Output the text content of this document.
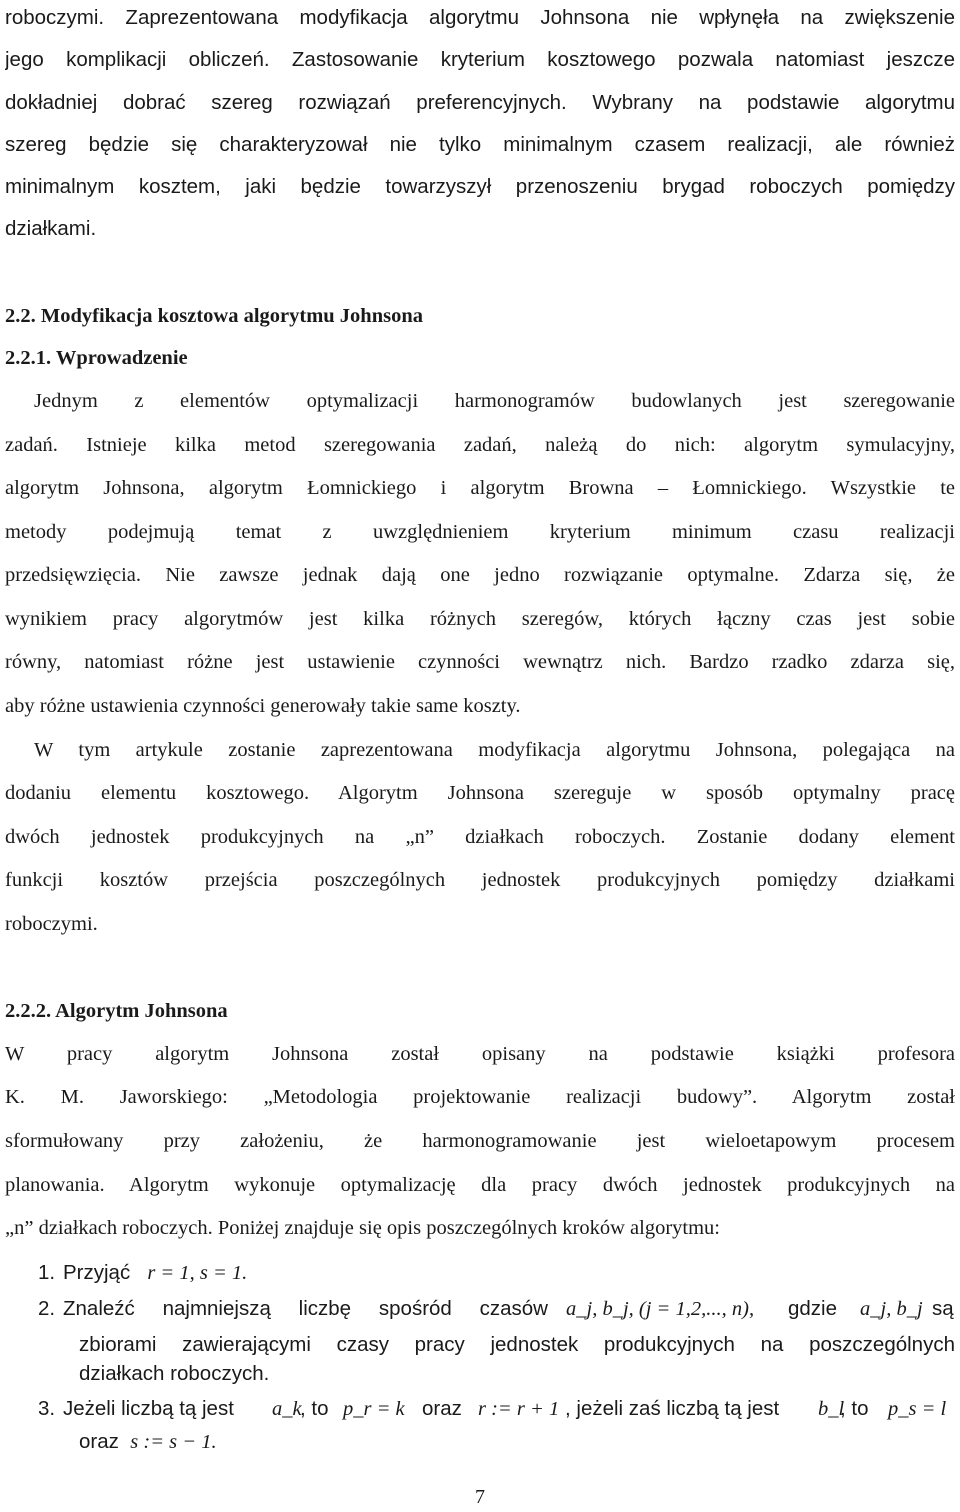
roboczymi. Zaprezentowana modyfikacja algorytmu Johnsona nie wpłynęła na zwiększenie
jego komplikacji obliczeń. Zastosowanie kryterium kosztowego pozwala natomiast jeszcze
dokładniej dobrać szereg rozwiązań preferencyjnych. Wybrany na podstawie algorytmu
szereg będzie się charakteryzował nie tylko minimalnym czasem realizacji, ale również
minimalnym kosztem, jaki będzie towarzyszył przenoszeniu brygad roboczych pomiędzy
działkami.
2.2. Modyfikacja kosztowa algorytmu Johnsona
2.2.1. Wprowadzenie
Jednym z elementów optymalizacji harmonogramów budowlanych jest szeregowanie
zadań. Istnieje kilka metod szeregowania zadań, należą do nich: algorytm symulacyjny,
algorytm Johnsona, algorytm Łomnickiego i algorytm Browna – Łomnickiego. Wszystkie te
metody podejmują temat z uwzględnieniem kryterium minimum czasu realizacji
przedsięwzięcia. Nie zawsze jednak dają one jedno rozwiązanie optymalne. Zdarza się, że
wynikiem pracy algorytmów jest kilka różnych szeregów, których łączny czas jest sobie
równy, natomiast różne jest ustawienie czynności wewnątrz nich. Bardzo rzadko zdarza się,
aby różne ustawienia czynności generowały takie same koszty.
W tym artykule zostanie zaprezentowana modyfikacja algorytmu Johnsona, polegająca na
dodaniu elementu kosztowego. Algorytm Johnsona szereguje w sposób optymalny pracę
dwóch jednostek produkcyjnych na „n” działkach roboczych. Zostanie dodany element
funkcji kosztów przejścia poszczególnych jednostek produkcyjnych pomiędzy działkami
roboczymi.
2.2.2. Algorytm Johnsona
W pracy algorytm Johnsona został opisany na podstawie książki profesora
K. M. Jaworskiego: „Metodologia projektowanie realizacji budowy”. Algorytm został
sformułowany przy założeniu, że harmonogramowanie jest wieloetapowym procesem
planowania. Algorytm wykonuje optymalizację dla pracy dwóch jednostek produkcyjnych na
„n” działkach roboczych. Poniżej znajduje się opis poszczególnych kroków algorytmu:
1. Przyjąć r = 1, s = 1.
2. Znaleźć najmniejszą liczbę spośród czasów a_j, b_j, (j = 1,2,..., n), gdzie a_j, b_j są
zbiorami zawierającymi czasy pracy jednostek produkcyjnych na poszczególnych
działkach roboczych.
3. Jeżeli liczbą tą jest a_k
, to p_r = k oraz r := r + 1 , jeżeli zaś liczbą tą jest b_l
, to p_s = l
oraz s := s − 1.
7
